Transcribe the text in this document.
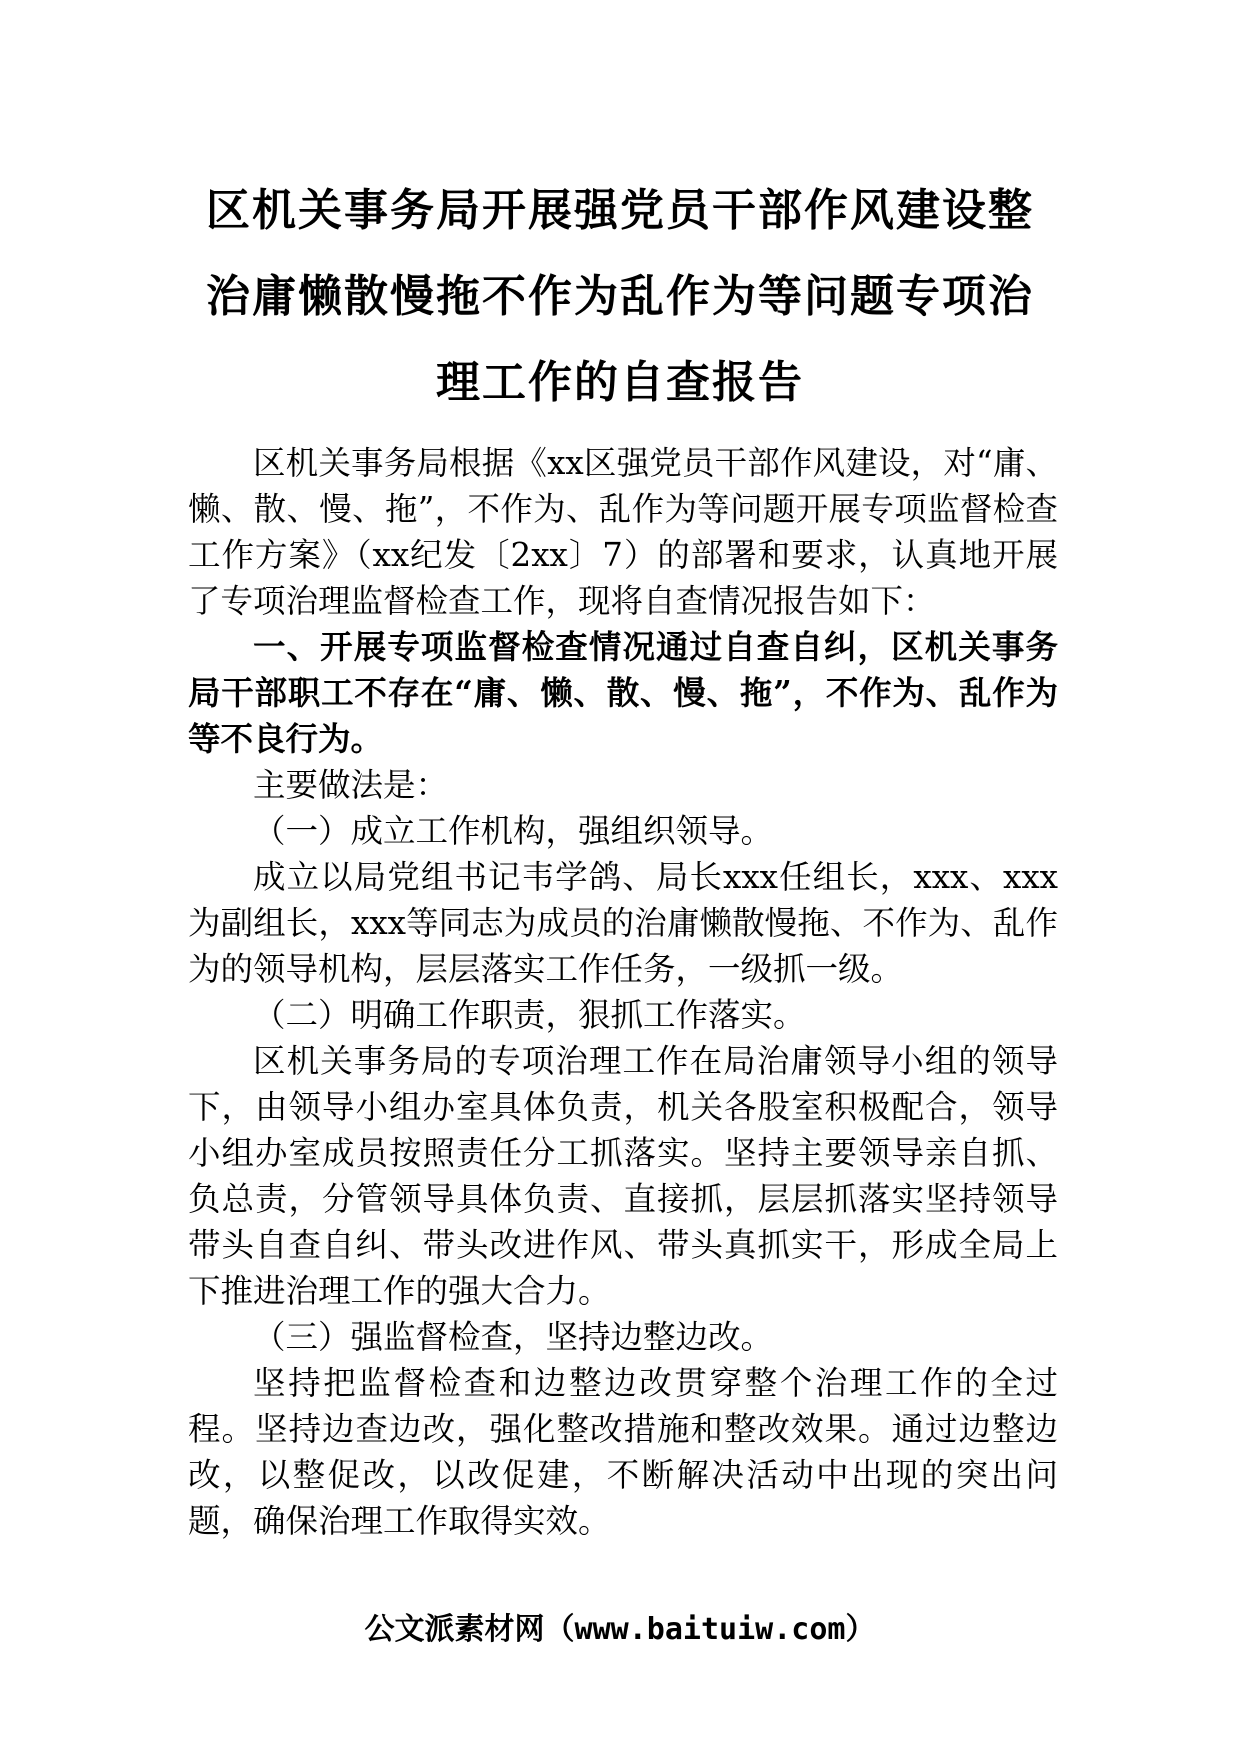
区机关事务局开展强党员干部作风建设整
治庸懒散慢拖不作为乱作为等问题专项治
理工作的自查报告

区机关事务局根据《xx区强党员干部作风建设，对“庸、懒、散、慢、拖”，不作为、乱作为等问题开展专项监督检查工作方案》（xx纪发〔2xx〕7）的部署和要求，认真地开展了专项治理监督检查工作，现将自查情况报告如下：

一、开展专项监督检查情况通过自查自纠，区机关事务局干部职工不存在“庸、懒、散、慢、拖”，不作为、乱作为等不良行为。

主要做法是：

（一）成立工作机构，强组织领导。

成立以局党组书记韦学鸽、局长xxx任组长，xxx、xxx为副组长，xxx等同志为成员的治庸懒散慢拖、不作为、乱作为的领导机构，层层落实工作任务，一级抓一级。

（二）明确工作职责，狠抓工作落实。

区机关事务局的专项治理工作在局治庸领导小组的领导下，由领导小组办室具体负责，机关各股室积极配合，领导小组办室成员按照责任分工抓落实。坚持主要领导亲自抓、负总责，分管领导具体负责、直接抓，层层抓落实坚持领导带头自查自纠、带头改进作风、带头真抓实干，形成全局上下推进治理工作的强大合力。

（三）强监督检查，坚持边整边改。

坚持把监督检查和边整边改贯穿整个治理工作的全过程。坚持边查边改，强化整改措施和整改效果。通过边整边改，以整促改，以改促建，不断解决活动中出现的突出问题，确保治理工作取得实效。

公文派素材网（www.baituiw.com）
